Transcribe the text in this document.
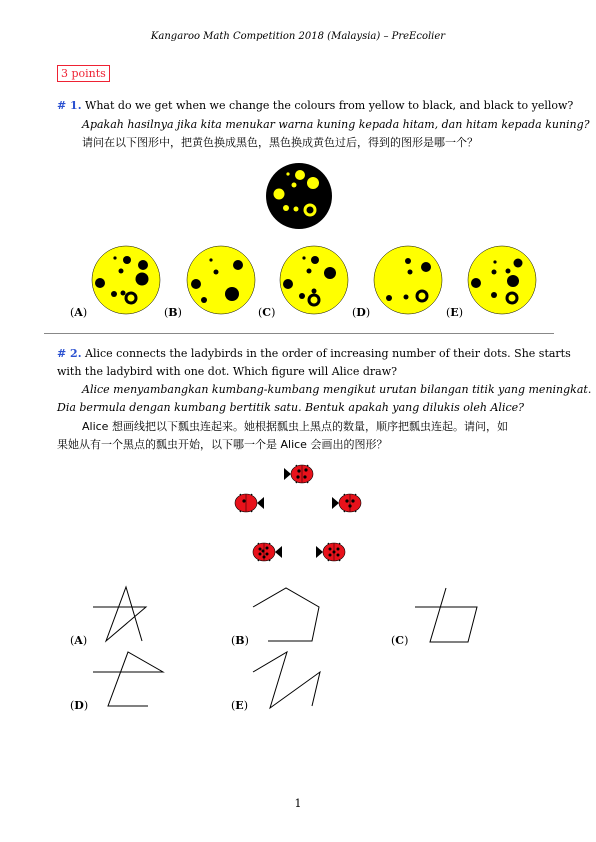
Kangaroo Math Competition 2018 (Malaysia) – PreEcolier
3 points
# 1. What do we get when we change the colours from yellow to black, and black to yellow?
Apakah hasilnya jika kita menukar warna kuning kepada hitam, dan hitam kepada kuning?
请问在以下图形中，把黄色换成黑色，黑色换成黄色过后，得到的图形是哪一个？
(A)	(B)	(C)	(D)	(E)
# 2. Alice connects the ladybirds in the order of increasing number of their dots. She starts
with the ladybird with one dot. Which figure will Alice draw?
Alice menyambangkan kumbang-kumbang mengikut urutan bilangan titik yang meningkat.
Dia bermula dengan kumbang bertitik satu. Bentuk apakah yang dilukis oleh Alice?
Alice 想画线把以下瓢虫连起来。她根据瓢虫上黑点的数量，顺序把瓢虫连起。请问，如
果她从有一个黑点的瓢虫开始，以下哪一个是 Alice 会画出的图形？
(A)	(B)	(C)
(D)	(E)
1
